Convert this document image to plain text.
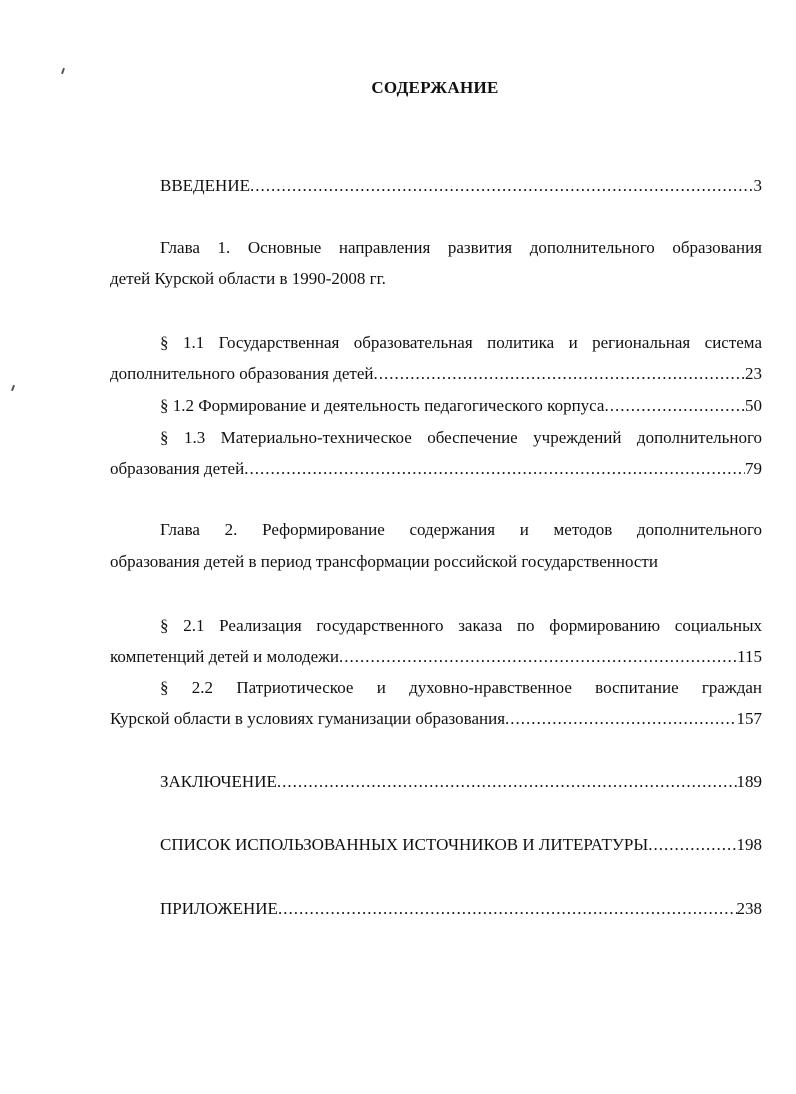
СОДЕРЖАНИЕ
ВВЕДЕНИЕ .....	3
Глава 1. Основные направления развития дополнительного образования
детей Курской области в 1990-2008 гг.
§ 1.1 Государственная образовательная политика и региональная система
дополнительного образования детей .....	23
§ 1.2 Формирование и деятельность педагогического корпуса .....	50
§ 1.3 Материально-техническое обеспечение учреждений дополнительного
образования детей .....	79
Глава 2. Реформирование содержания и методов дополнительного
образования детей в период трансформации российской государственности
§ 2.1 Реализация государственного заказа по формированию социальных
компетенций детей и молодежи .....	115
§ 2.2 Патриотическое и духовно-нравственное воспитание граждан
Курской области в условиях гуманизации образования .....	157
ЗАКЛЮЧЕНИЕ .....	189
СПИСОК ИСПОЛЬЗОВАННЫХ ИСТОЧНИКОВ И ЛИТЕРАТУРЫ .....	198
ПРИЛОЖЕНИЕ .....	238
